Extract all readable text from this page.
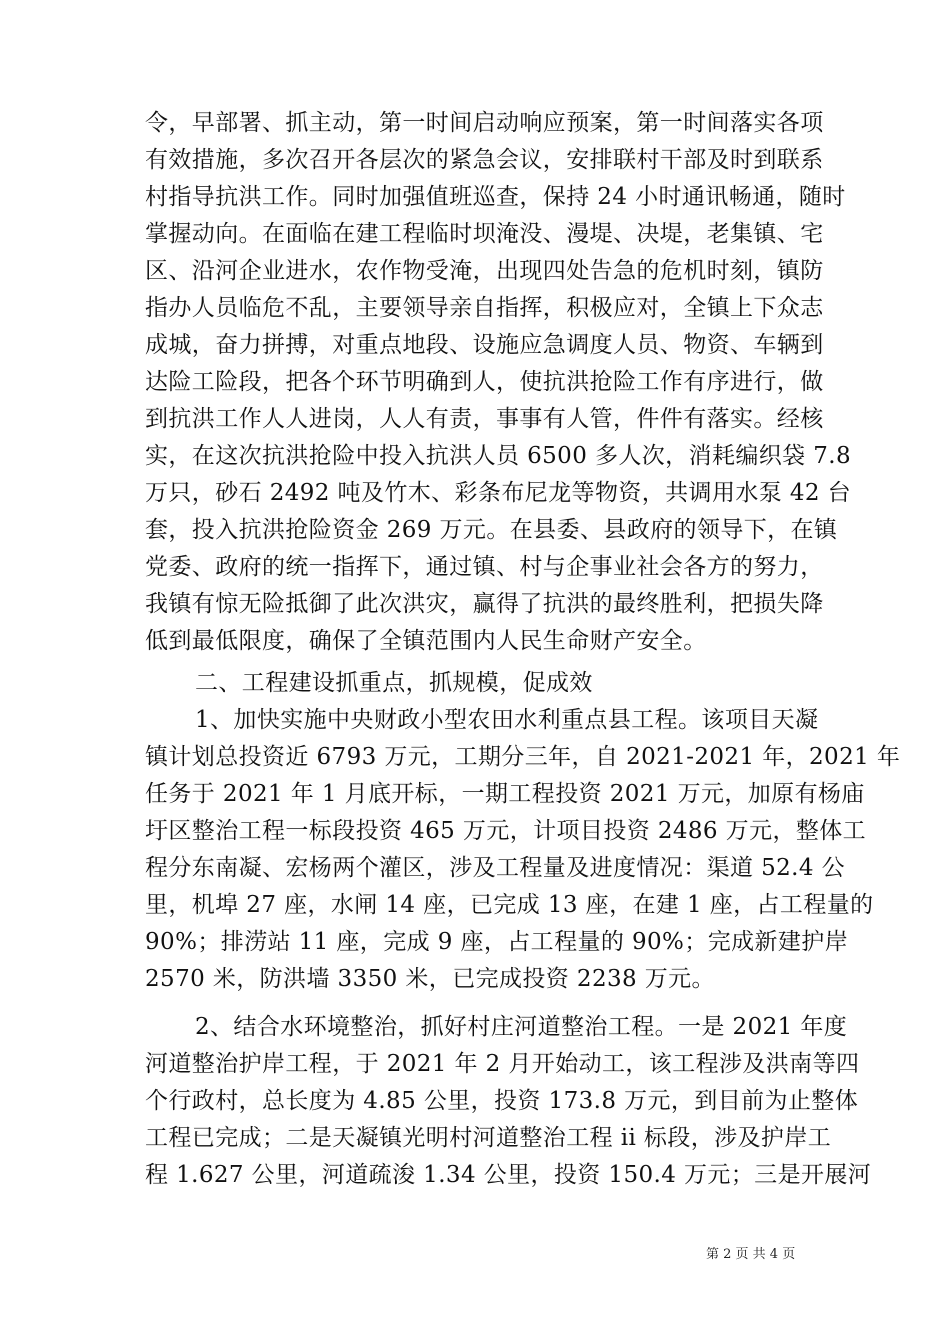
令，早部署、抓主动，第一时间启动响应预案，第一时间落实各项
有效措施，多次召开各层次的紧急会议，安排联村干部及时到联系
村指导抗洪工作。同时加强值班巡查，保持 24 小时通讯畅通，随时
掌握动向。在面临在建工程临时坝淹没、漫堤、决堤，老集镇、宅
区、沿河企业进水，农作物受淹，出现四处告急的危机时刻，镇防
指办人员临危不乱，主要领导亲自指挥，积极应对，全镇上下众志
成城，奋力拼搏，对重点地段、设施应急调度人员、物资、车辆到
达险工险段，把各个环节明确到人，使抗洪抢险工作有序进行，做
到抗洪工作人人进岗，人人有责，事事有人管，件件有落实。经核
实，在这次抗洪抢险中投入抗洪人员 6500 多人次，消耗编织袋 7.8
万只，砂石 2492 吨及竹木、彩条布尼龙等物资，共调用水泵 42 台
套，投入抗洪抢险资金 269 万元。在县委、县政府的领导下，在镇
党委、政府的统一指挥下，通过镇、村与企事业社会各方的努力，
我镇有惊无险抵御了此次洪灾，赢得了抗洪的最终胜利，把损失降
低到最低限度，确保了全镇范围内人民生命财产安全。
二、工程建设抓重点，抓规模，促成效
1、加快实施中央财政小型农田水利重点县工程。该项目天凝
镇计划总投资近 6793 万元，工期分三年，自 2021-2021 年，2021 年
任务于 2021 年 1 月底开标，一期工程投资 2021 万元，加原有杨庙
圩区整治工程一标段投资 465 万元，计项目投资 2486 万元，整体工
程分东南凝、宏杨两个灌区，涉及工程量及进度情况：渠道 52.4 公
里，机埠 27 座，水闸 14 座，已完成 13 座，在建 1 座，占工程量的
90%；排涝站 11 座，完成 9 座，占工程量的 90%；完成新建护岸
2570 米，防洪墙 3350 米，已完成投资 2238 万元。
2、结合水环境整治，抓好村庄河道整治工程。一是 2021 年度
河道整治护岸工程，于 2021 年 2 月开始动工，该工程涉及洪南等四
个行政村，总长度为 4.85 公里，投资 173.8 万元，到目前为止整体
工程已完成；二是天凝镇光明村河道整治工程 ii 标段，涉及护岸工
程 1.627 公里，河道疏浚 1.34 公里，投资 150.4 万元；三是开展河
第 2 页 共 4 页
